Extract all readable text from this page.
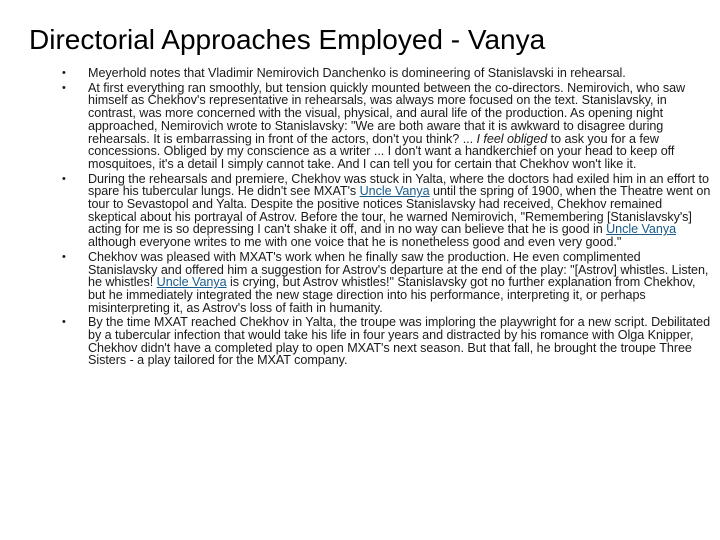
Directorial Approaches Employed - Vanya
• Meyerhold notes that Vladimir Nemirovich Danchenko is domineering of Stanislavski in rehearsal.
• At first everything ran smoothly, but tension quickly mounted between the co-directors. Nemirovich, who saw himself as Chekhov's representative in rehearsals, was always more focused on the text. Stanislavsky, in contrast, was more concerned with the visual, physical, and aural life of the production. As opening night approached, Nemirovich wrote to Stanislavsky: "We are both aware that it is awkward to disagree during rehearsals. It is embarrassing in front of the actors, don't you think? ... I feel obliged to ask you for a few concessions. Obliged by my conscience as a writer ... I don't want a handkerchief on your head to keep off mosquitoes, it's a detail I simply cannot take. And I can tell you for certain that Chekhov won't like it.
• During the rehearsals and premiere, Chekhov was stuck in Yalta, where the doctors had exiled him in an effort to spare his tubercular lungs. He didn't see MXAT's Uncle Vanya until the spring of 1900, when the Theatre went on tour to Sevastopol and Yalta. Despite the positive notices Stanislavsky had received, Chekhov remained skeptical about his portrayal of Astrov. Before the tour, he warned Nemirovich, "Remembering [Stanislavsky's] acting for me is so depressing I can't shake it off, and in no way can believe that he is good in Uncle Vanya although everyone writes to me with one voice that he is nonetheless good and even very good."
• Chekhov was pleased with MXAT's work when he finally saw the production. He even complimented Stanislavsky and offered him a suggestion for Astrov's departure at the end of the play: "[Astrov] whistles. Listen, he whistles! Uncle Vanya is crying, but Astrov whistles!" Stanislavsky got no further explanation from Chekhov, but he immediately integrated the new stage direction into his performance, interpreting it, or perhaps misinterpreting it, as Astrov's loss of faith in humanity.
• By the time MXAT reached Chekhov in Yalta, the troupe was imploring the playwright for a new script. Debilitated by a tubercular infection that would take his life in four years and distracted by his romance with Olga Knipper, Chekhov didn't have a completed play to open MXAT's next season. But that fall, he brought the troupe Three Sisters - a play tailored for the MXAT company.
